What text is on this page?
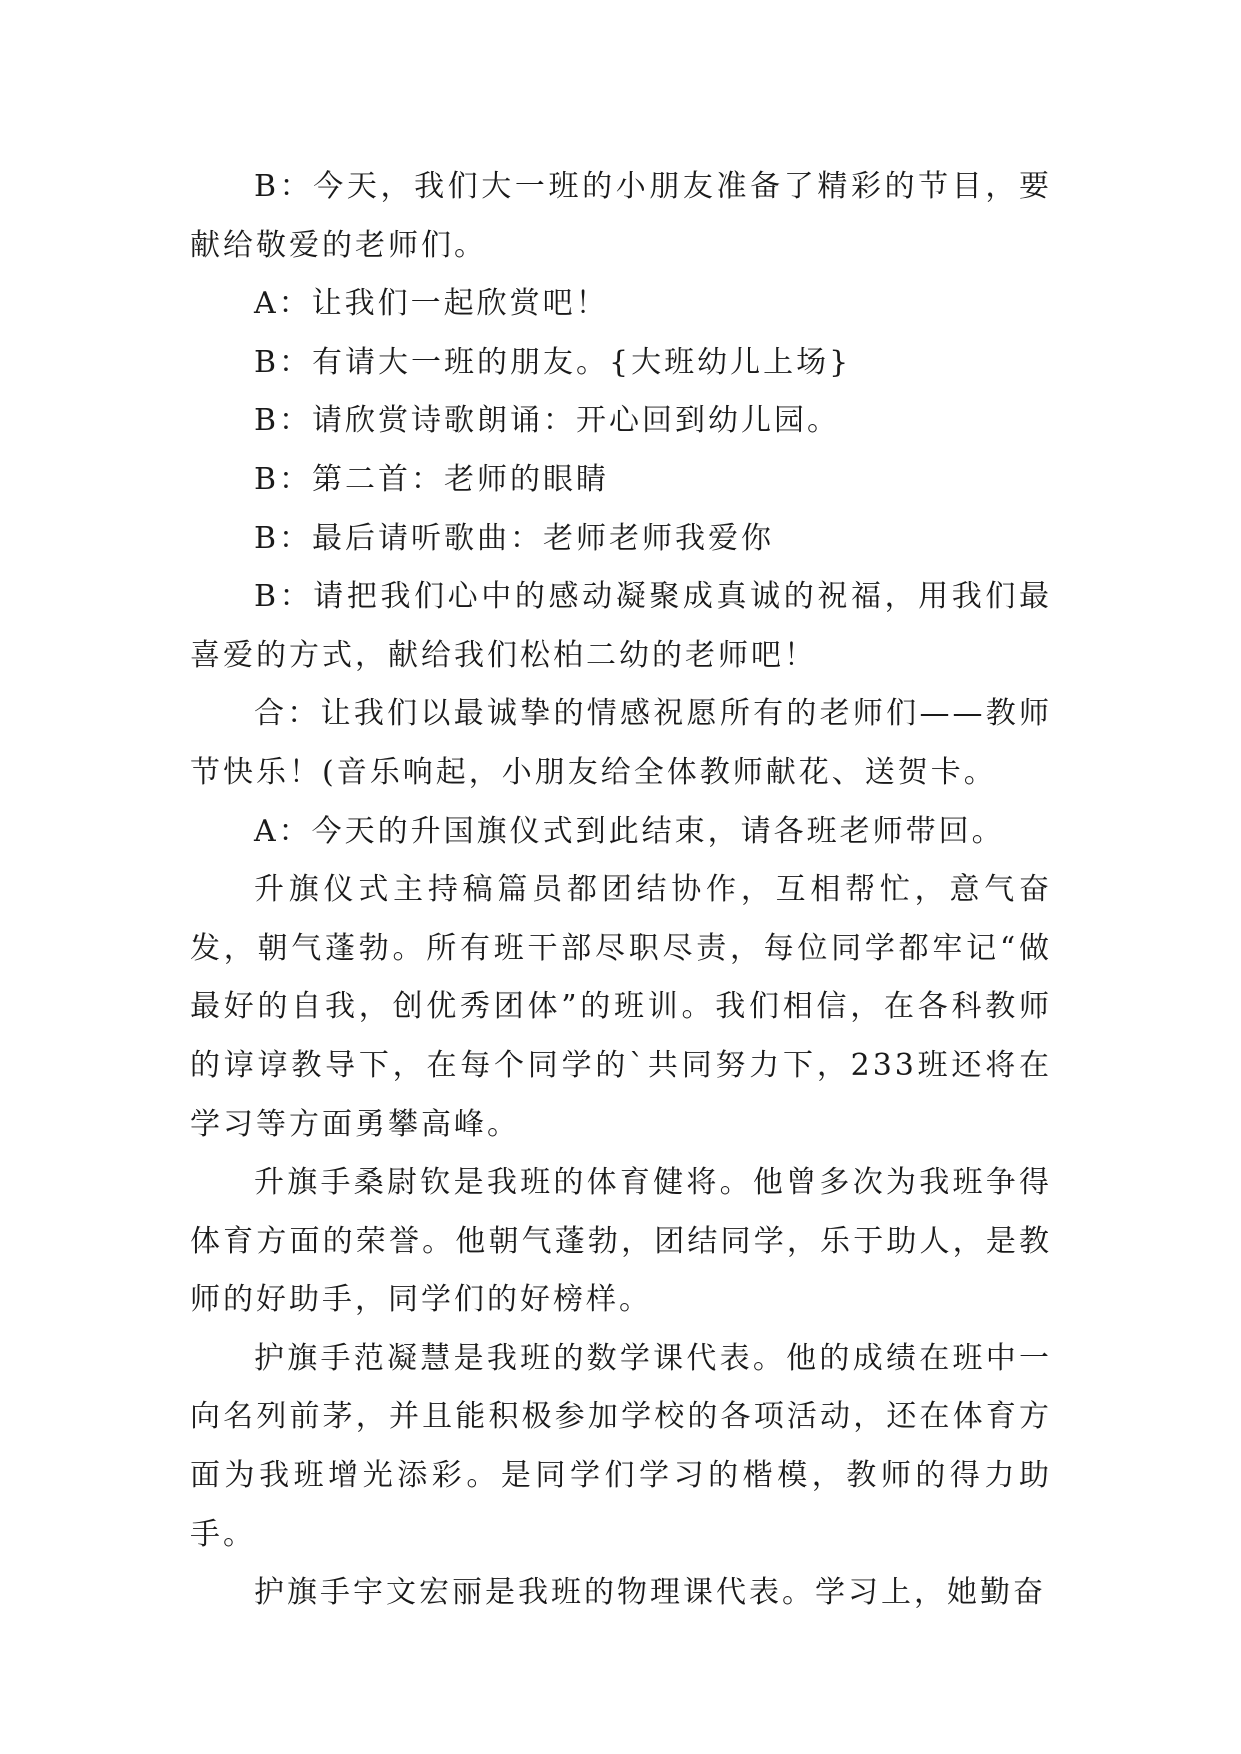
B：今天，我们大一班的小朋友准备了精彩的节目，要献给敬爱的老师们。

A：让我们一起欣赏吧！

B：有请大一班的朋友。{大班幼儿上场}

B：请欣赏诗歌朗诵：开心回到幼儿园。

B：第二首：老师的眼睛

B：最后请听歌曲：老师老师我爱你

B：请把我们心中的感动凝聚成真诚的祝福，用我们最喜爱的方式，献给我们松柏二幼的老师吧！

合：让我们以最诚挚的情感祝愿所有的老师们——教师节快乐！(音乐响起，小朋友给全体教师献花、送贺卡。

A：今天的升国旗仪式到此结束，请各班老师带回。

升旗仪式主持稿篇员都团结协作，互相帮忙，意气奋发，朝气蓬勃。所有班干部尽职尽责，每位同学都牢记“做最好的自我，创优秀团体”的班训。我们相信，在各科教师的谆谆教导下，在每个同学的`共同努力下，233班还将在学习等方面勇攀高峰。

升旗手桑尉钦是我班的体育健将。他曾多次为我班争得体育方面的荣誉。他朝气蓬勃，团结同学，乐于助人，是教师的好助手，同学们的好榜样。

护旗手范凝慧是我班的数学课代表。他的成绩在班中一向名列前茅，并且能积极参加学校的各项活动，还在体育方面为我班增光添彩。是同学们学习的楷模，教师的得力助手。

护旗手宇文宏丽是我班的物理课代表。学习上，她勤奋
